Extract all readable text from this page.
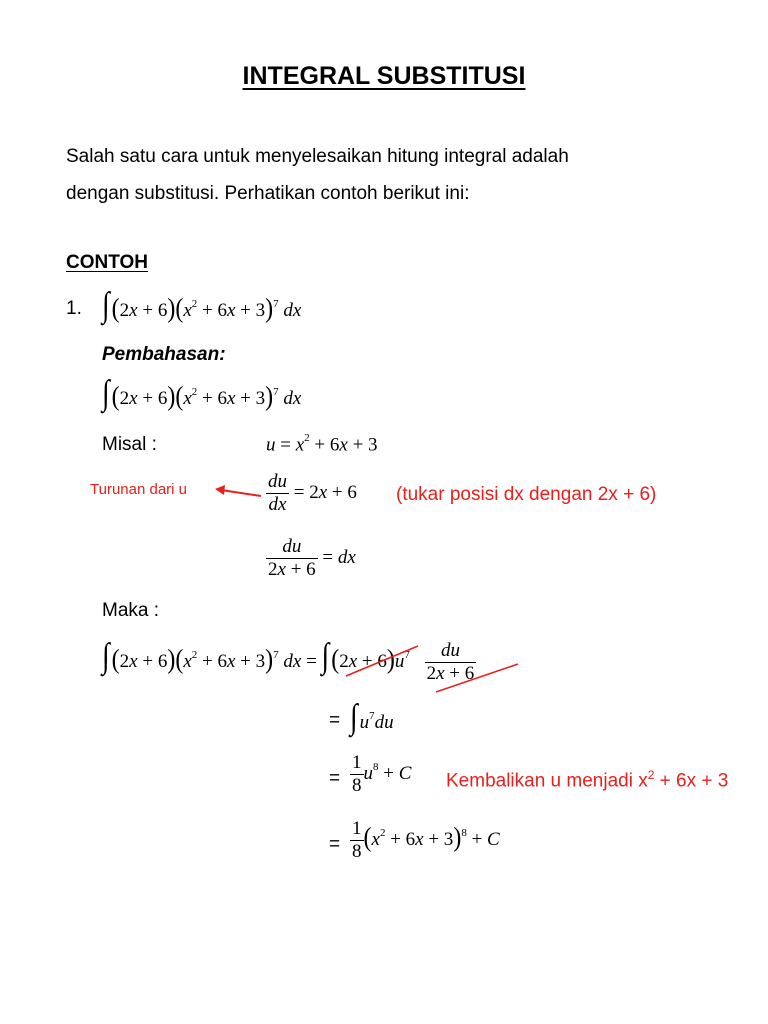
INTEGRAL SUBSTITUSI
Salah satu cara untuk menyelesaikan hitung integral adalah
dengan substitusi. Perhatikan contoh berikut ini:
CONTOH
1. $\int(2x + 6)(x^2 + 6x + 3)^7$ dx
Pembahasan:
$\int(2x + 6)(x^2 + 6x + 3)^7$ dx
Misal :	$u = x^2 + 6x + 3$
Turunan dari u	$\frac{du}{dx} = 2x + 6$ (tukar posisi dx dengan 2x + 6)
$\frac{du}{2x + 6}$ = dx
Maka :
$\int(2x + 6)(x^2 + 6x + 3)^7$ dx = $\int(2x + 6)u^7 \frac{du}{2x + 6}$
= ∫ $u^7du$
= $\frac{1}{8} u^8 + C$ Kembalikan u menjadi $x^2 + 6x + 3$
= $\frac{1}{8} (x^2 + 6x + 3)^8 + C$
